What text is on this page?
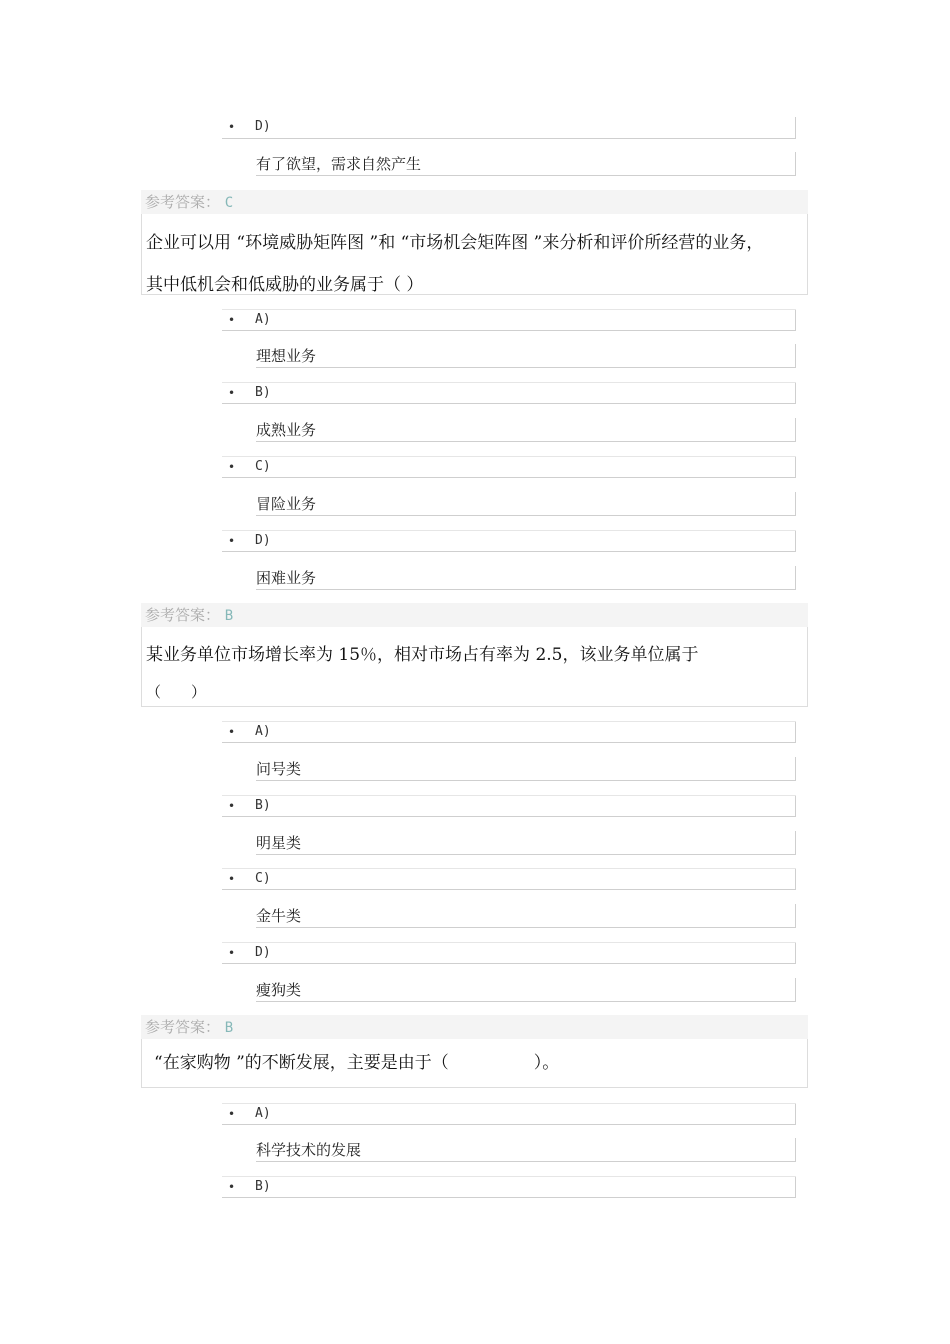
• D)
有了欲望，需求自然产生
参考答案： C
企业可以用 “环境威胁矩阵图 ”和 “市场机会矩阵图 ”来分析和评价所经营的业务，
其中低机会和低威胁的业务属于（ ）
• A)
理想业务
• B)
成熟业务
• C)
冒险业务
• D)
困难业务
参考答案： B
某业务单位市场增长率为 15％，相对市场占有率为 2.5，该业务单位属于
（　　）
• A)
问号类
• B)
明星类
• C)
金牛类
• D)
瘦狗类
参考答案： B
“在家购物 ”的不断发展，主要是由于（　　　　　）。
• A)
科学技术的发展
• B)
